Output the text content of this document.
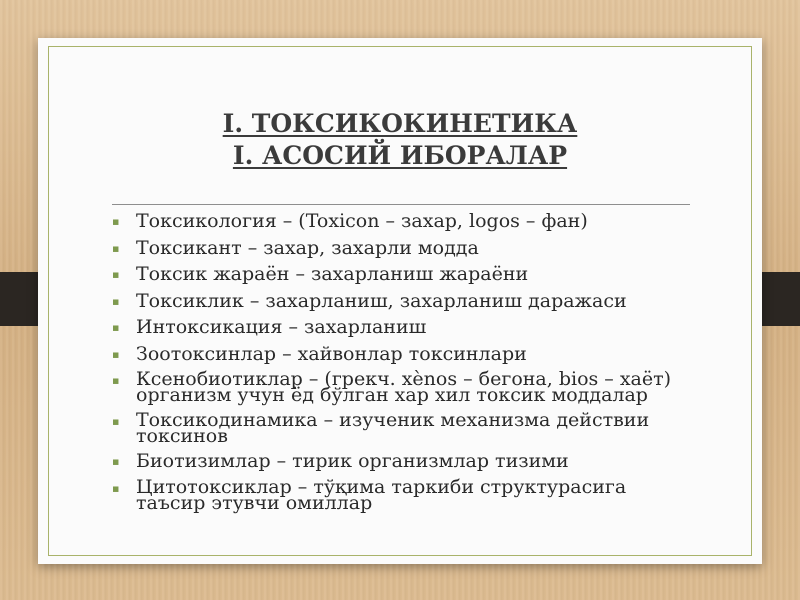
I. ТОКСИКОКИНЕТИКА
I. АСОСИЙ ИБОРАЛАР
▪ Токсикология – (Toxicon – захар, logos – фан)
▪ Токсикант – захар, захарли модда
▪ Токсик жараён – захарланиш жараёни
▪ Токсиклик – захарланиш, захарланиш даражаси
▪ Интоксикация – захарланиш
▪ Зоотоксинлар – хайвонлар токсинлари
▪ Ксенобиотиклар – (грекч. xènos – бегона, bios – хаёт)
организм учун ёд бўлган хар хил токсик моддалар
▪ Токсикодинамика – изученик механизма действии
токсинов
▪ Биотизимлар – тирик организмлар тизими
▪ Цитотоксиклар – тўқима таркиби структурасига
таъсир этувчи омиллар
